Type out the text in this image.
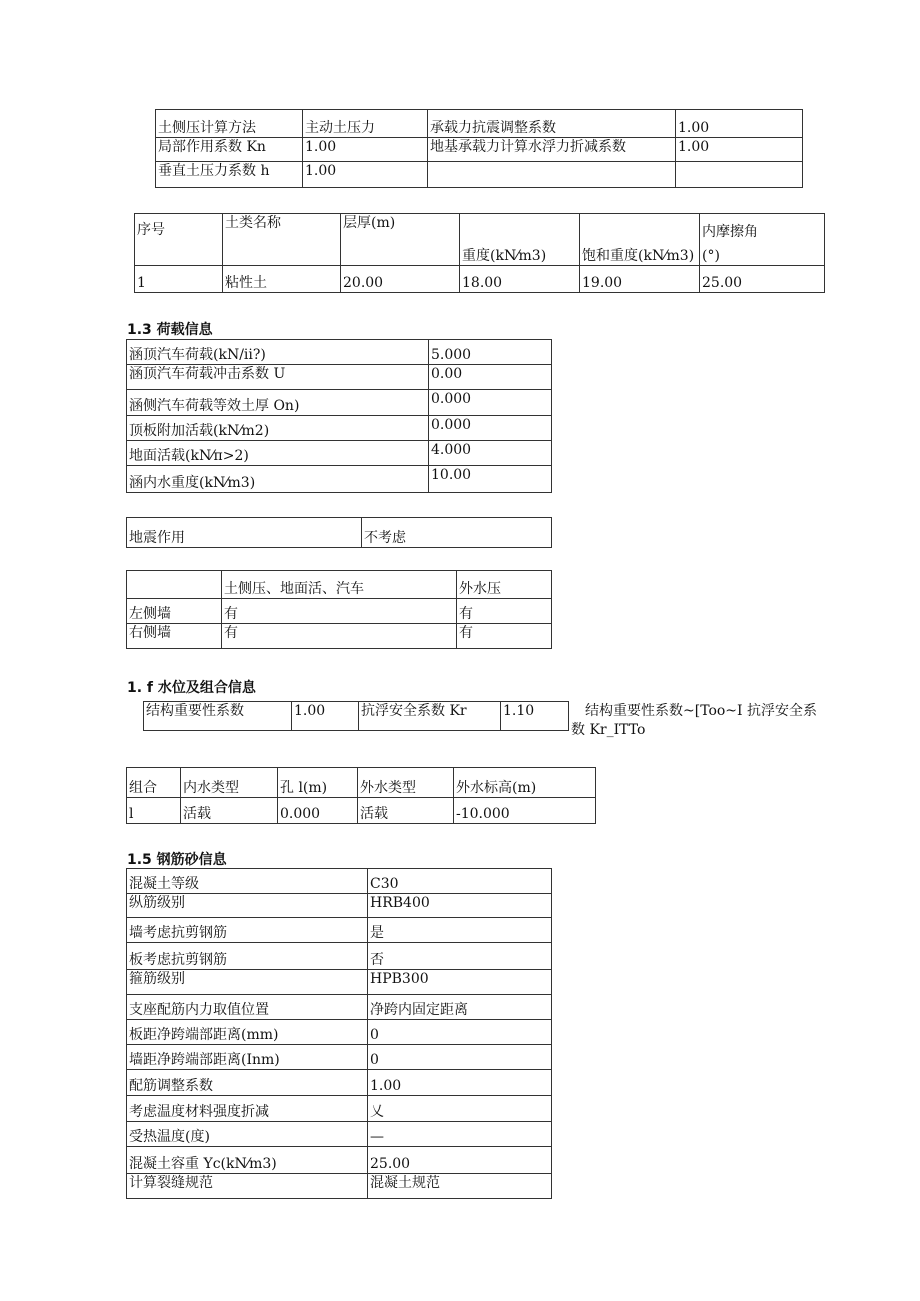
土侧压计算方法	主动土压力	承载力抗震调整系数	1.00
局部作用系数 Kn	1.00	地基承载力计算水浮力折减系数	1.00
垂直土压力系数 h	1.00		
序号	土类名称	层厚(m)	重度(kN⁄m3)	饱和重度(kN⁄m3)	内摩擦角
(°)

1	粘性土	20.00	18.00	19.00	25.00
1.3 荷载信息
涵顶汽车荷载(kN/ii?)	5.000
涵顶汽车荷载冲击系数 U	0.00
涵侧汽车荷载等效土厚 On)	0.000
顶板附加活载(kN⁄m2)	0.000
地面活载(kN⁄π>2)	4.000
涵内水重度(kN⁄m3)	10.00
地震作用	不考虑
	土侧压、地面活、汽车	外水压
左侧墙	有	有
右侧墙	有	有
1. f 水位及组合信息
结构重要性系数	1.00	抗浮安全系数 Kr	1.10	结构重要性系数~[Too~I 抗浮安全系
数 Kr_ITTo
组合	内水类型	孔 l(m)	外水类型	外水标高(m)
l	活载	0.000	活载	-10.000
1.5 钢筋砂信息
混凝土等级	C30
纵筋级别	HRB400
墙考虑抗剪钢筋	是
板考虑抗剪钢筋	否
箍筋级别	HPB300
支座配筋内力取值位置	净跨内固定距离
板距净跨端部距离(mm)	0
墙距净跨端部距离(Inm)	0
配筋调整系数	1.00
考虑温度材料强度折减	乂
受热温度(度)	—
混凝土容重 Yc(kN⁄m3)	25.00
计算裂缝规范	混凝土规范
